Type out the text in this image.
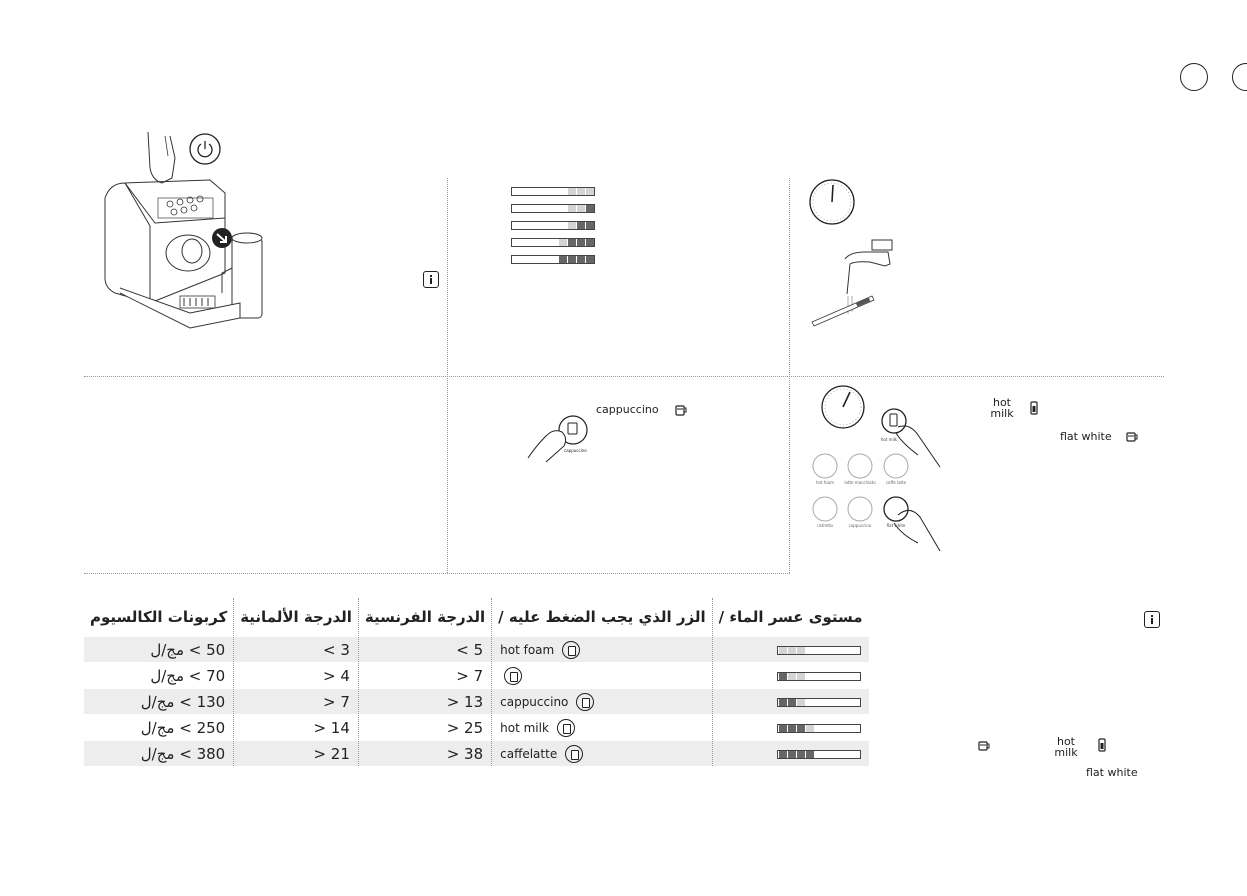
cappuccino
cappuccino
hot foam	latte macchiato	caffe latte
ristretto	cappuccino	flat white
hot milk
hot
milk
flat white
مستوى عسر الماء /	الزر الذي يجب الضغط عليه /	الدرجة الفرنسية	الدرجة الألمانية	كربونات الكالسيوم

	hot foam	5 >	3 >	50 > مج/ل

		7 <	4 <	70 > مج/ل

	cappuccino	13 <	7 <	130 > مج/ل

	hot milk	25 <	14 <	250 > مج/ل

	caffelatte	38 <	21 <	380 > مج/ل
hot
milk
flat white
